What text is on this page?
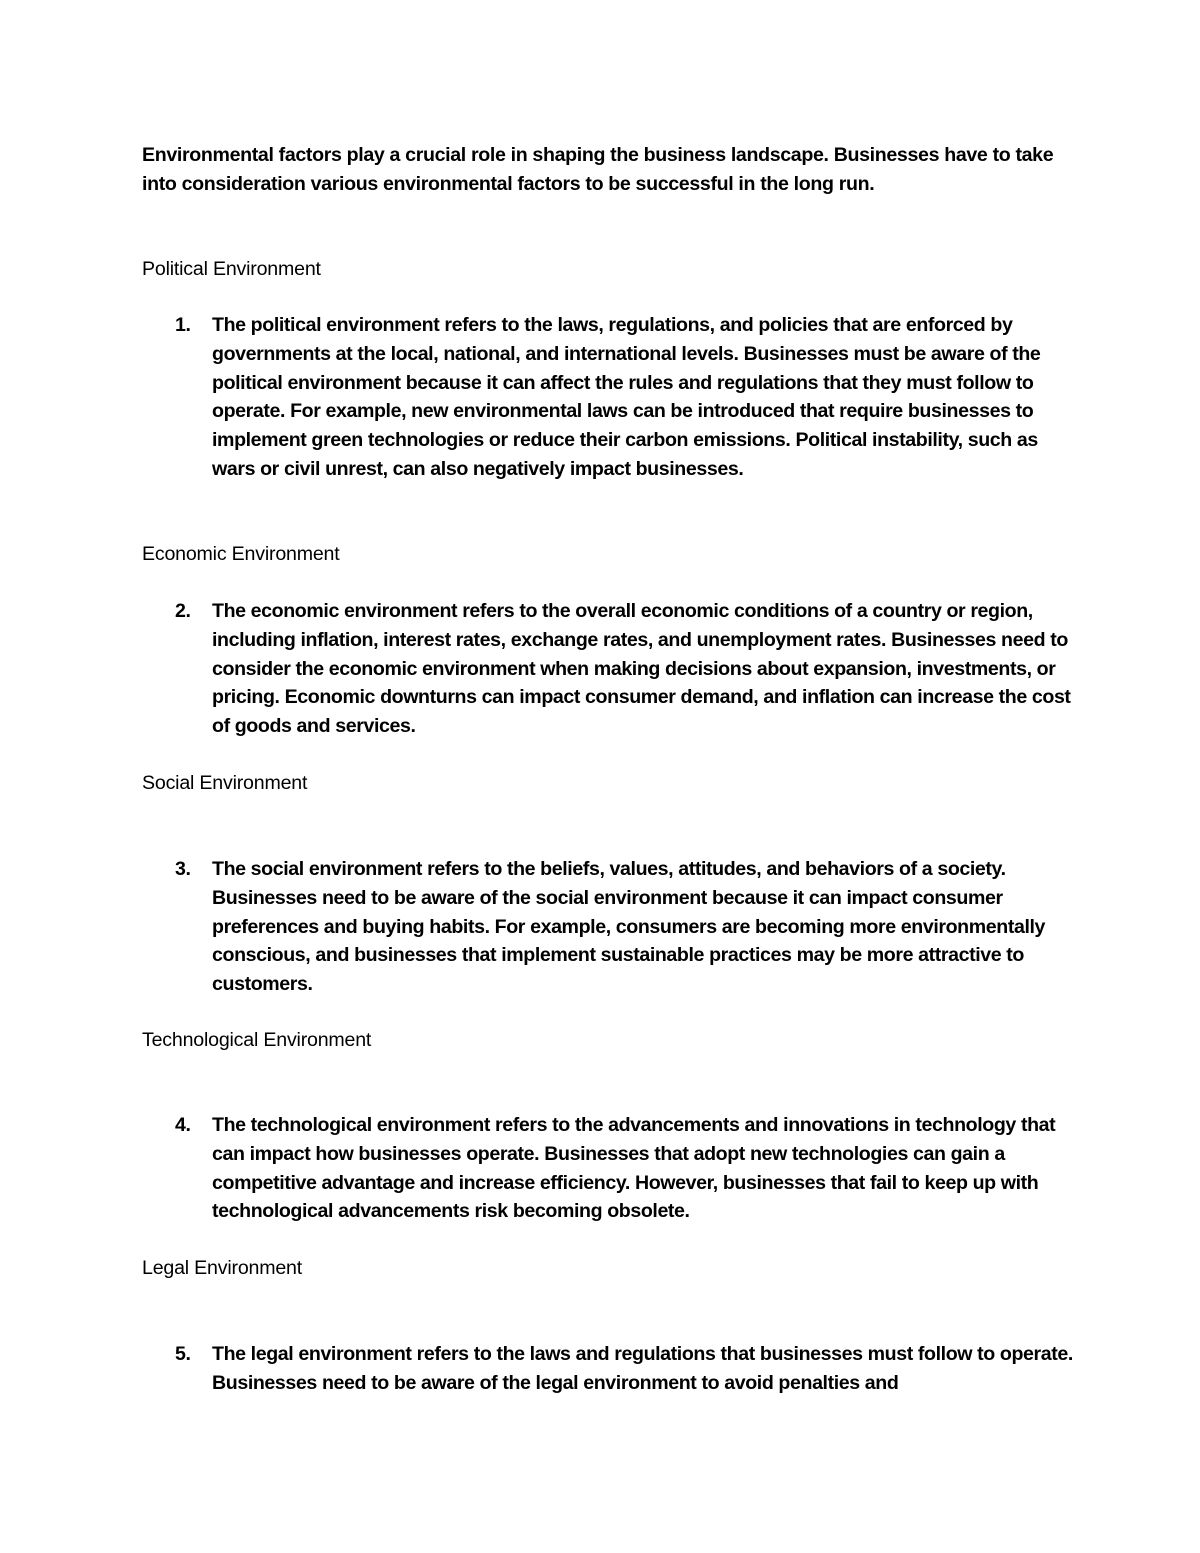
Environmental factors play a crucial role in shaping the business landscape. Businesses have to take into consideration various environmental factors to be successful in the long run.

Political Environment

1.	The political environment refers to the laws, regulations, and policies that are enforced by governments at the local, national, and international levels. Businesses must be aware of the political environment because it can affect the rules and regulations that they must follow to operate. For example, new environmental laws can be introduced that require businesses to implement green technologies or reduce their carbon emissions. Political instability, such as wars or civil unrest, can also negatively impact businesses.

Economic Environment

2.	The economic environment refers to the overall economic conditions of a country or region, including inflation, interest rates, exchange rates, and unemployment rates. Businesses need to consider the economic environment when making decisions about expansion, investments, or pricing. Economic downturns can impact consumer demand, and inflation can increase the cost of goods and services.

Social Environment

3.	The social environment refers to the beliefs, values, attitudes, and behaviors of a society. Businesses need to be aware of the social environment because it can impact consumer preferences and buying habits. For example, consumers are becoming more environmentally conscious, and businesses that implement sustainable practices may be more attractive to customers.

Technological Environment

4.	The technological environment refers to the advancements and innovations in technology that can impact how businesses operate. Businesses that adopt new technologies can gain a competitive advantage and increase efficiency. However, businesses that fail to keep up with technological advancements risk becoming obsolete.

Legal Environment

5.	The legal environment refers to the laws and regulations that businesses must follow to operate. Businesses need to be aware of the legal environment to avoid penalties and
